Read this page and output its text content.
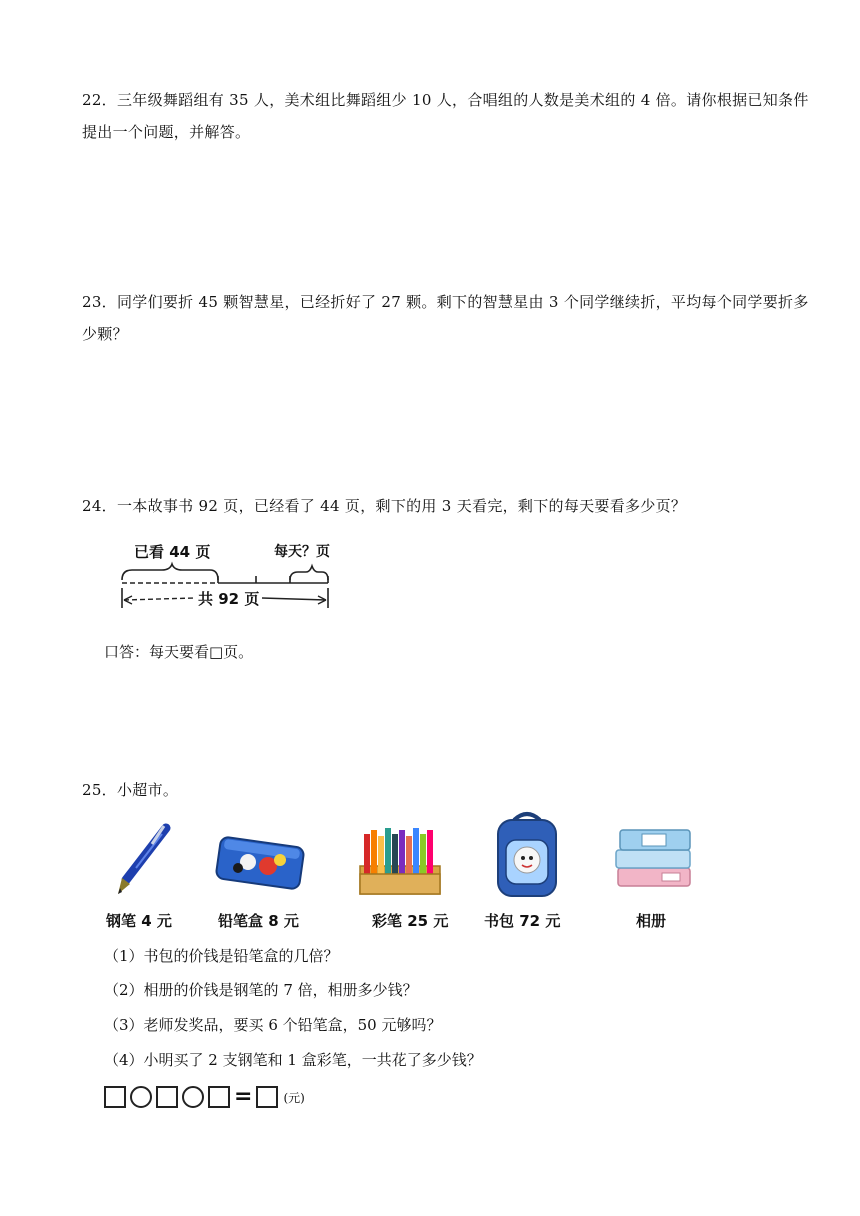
22．三年级舞蹈组有 35 人，美术组比舞蹈组少 10 人，合唱组的人数是美术组的 4 倍。请你根据已知条件

提出一个问题，并解答。

23．同学们要折 45 颗智慧星，已经折好了 27 颗。剩下的智慧星由 3 个同学继续折，平均每个同学要折多

少颗？

24．一本故事书 92 页，已经看了 44 页，剩下的用 3 天看完，剩下的每天要看多少页？

已看 44 页	每天？页
共 92 页
口答：每天要看□页。
25．小超市。
钢笔 4 元	铅笔盒 8 元	彩笔 25 元 书包 72 元	相册
（1）书包的价钱是铅笔盒的几倍？
（2）相册的价钱是钢笔的 7 倍，相册多少钱？
（3）老师发奖品，要买 6 个铅笔盒，50 元够吗？
（4）小明买了 2 支钢笔和 1 盒彩笔，一共花了多少钱？
=	(元)
